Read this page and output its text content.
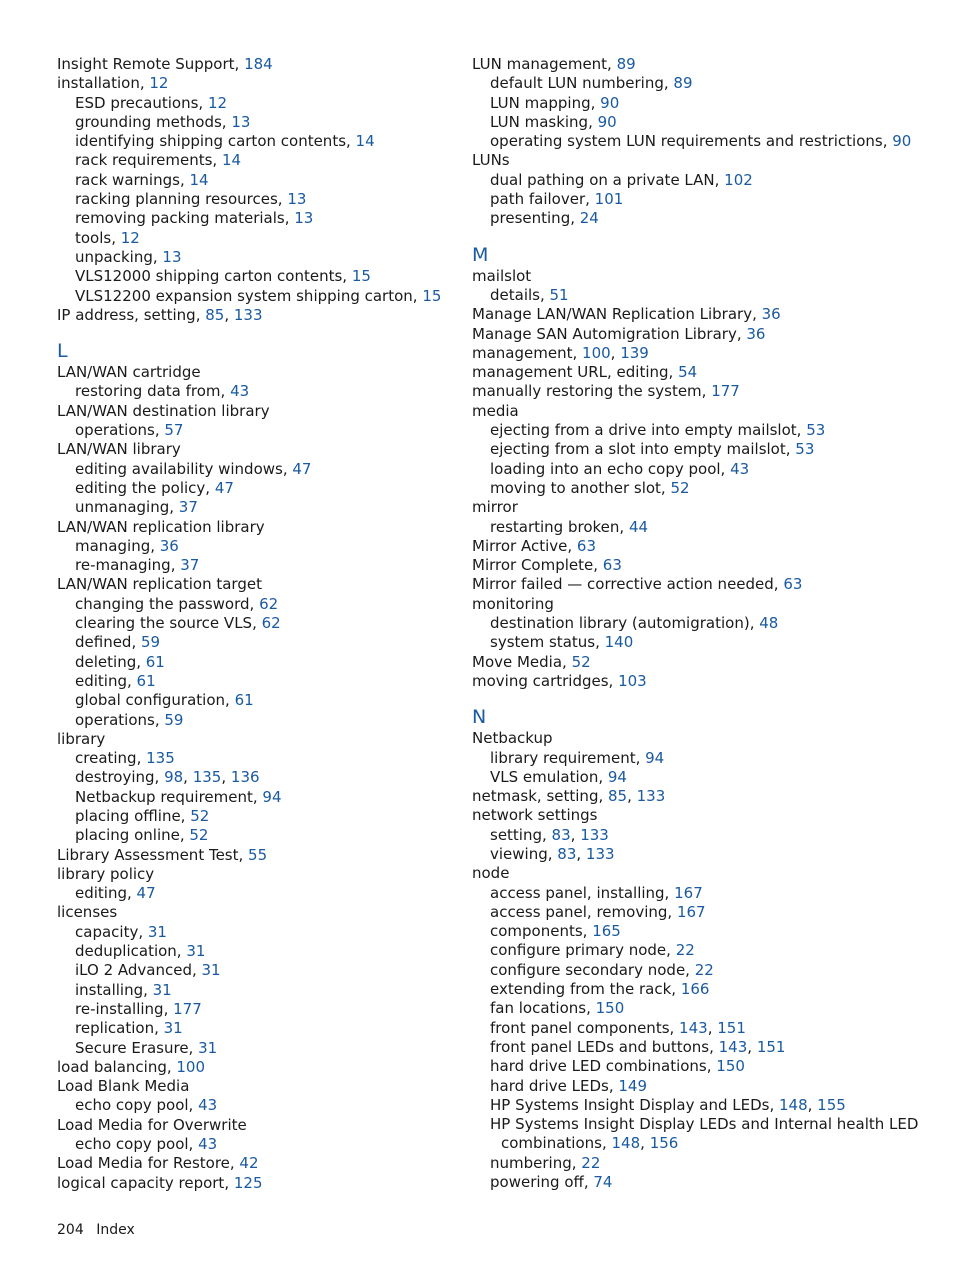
Insight Remote Support, 184
installation, 12
ESD precautions, 12
grounding methods, 13
identifying shipping carton contents, 14
rack requirements, 14
rack warnings, 14
racking planning resources, 13
removing packing materials, 13
tools, 12
unpacking, 13
VLS12000 shipping carton contents, 15
VLS12200 expansion system shipping carton, 15
IP address, setting, 85, 133
L
LAN/WAN cartridge
restoring data from, 43
LAN/WAN destination library
operations, 57
LAN/WAN library
editing availability windows, 47
editing the policy, 47
unmanaging, 37
LAN/WAN replication library
managing, 36
re-managing, 37
LAN/WAN replication target
changing the password, 62
clearing the source VLS, 62
defined, 59
deleting, 61
editing, 61
global configuration, 61
operations, 59
library
creating, 135
destroying, 98, 135, 136
Netbackup requirement, 94
placing offline, 52
placing online, 52
Library Assessment Test, 55
library policy
editing, 47
licenses
capacity, 31
deduplication, 31
iLO 2 Advanced, 31
installing, 31
re-installing, 177
replication, 31
Secure Erasure, 31
load balancing, 100
Load Blank Media
echo copy pool, 43
Load Media for Overwrite
echo copy pool, 43
Load Media for Restore, 42
logical capacity report, 125
LUN management, 89
default LUN numbering, 89
LUN mapping, 90
LUN masking, 90
operating system LUN requirements and restrictions, 90
LUNs
dual pathing on a private LAN, 102
path failover, 101
presenting, 24
M
mailslot
details, 51
Manage LAN/WAN Replication Library, 36
Manage SAN Automigration Library, 36
management, 100, 139
management URL, editing, 54
manually restoring the system, 177
media
ejecting from a drive into empty mailslot, 53
ejecting from a slot into empty mailslot, 53
loading into an echo copy pool, 43
moving to another slot, 52
mirror
restarting broken, 44
Mirror Active, 63
Mirror Complete, 63
Mirror failed — corrective action needed, 63
monitoring
destination library (automigration), 48
system status, 140
Move Media, 52
moving cartridges, 103
N
Netbackup
library requirement, 94
VLS emulation, 94
netmask, setting, 85, 133
network settings
setting, 83, 133
viewing, 83, 133
node
access panel, installing, 167
access panel, removing, 167
components, 165
configure primary node, 22
configure secondary node, 22
extending from the rack, 166
fan locations, 150
front panel components, 143, 151
front panel LEDs and buttons, 143, 151
hard drive LED combinations, 150
hard drive LEDs, 149
HP Systems Insight Display and LEDs, 148, 155
HP Systems Insight Display LEDs and Internal health LED
combinations, 148, 156
numbering, 22
powering off, 74
204 Index
